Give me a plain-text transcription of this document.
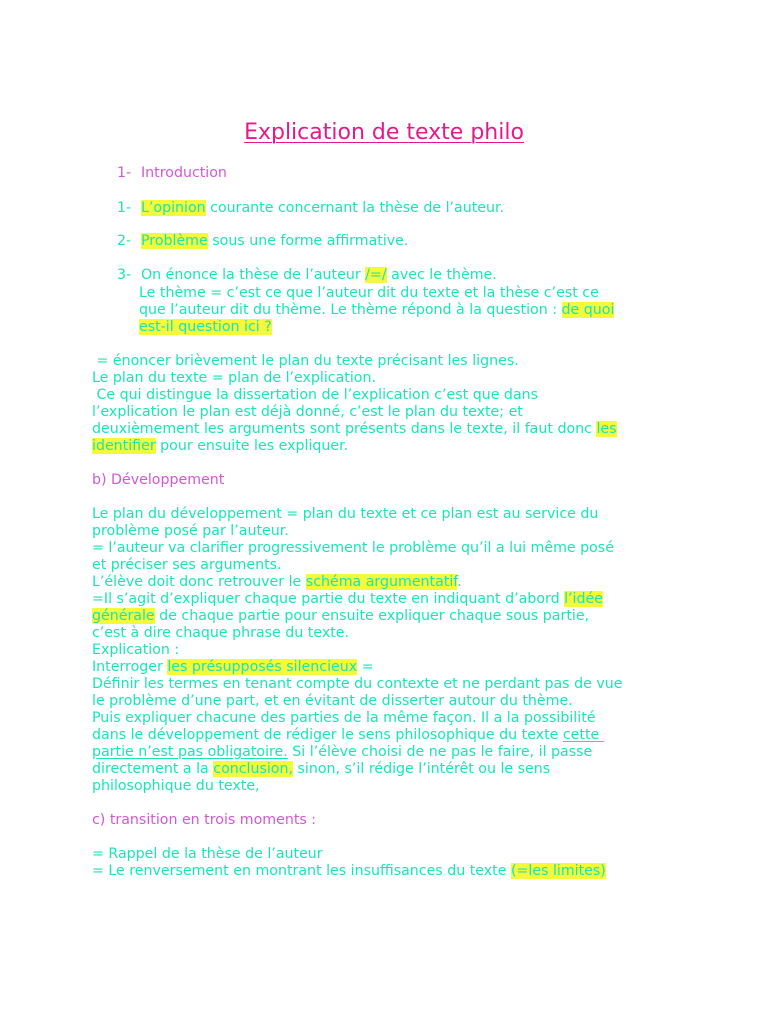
Explication de texte philo
1- Introduction
1- L’opinion courante concernant la thèse de l’auteur.
2- Problème sous une forme affirmative.
3- On énonce la thèse de l’auteur /=/ avec le thème.
Le thème = c’est ce que l’auteur dit du texte et la thèse c’est ce
que l’auteur dit du thème. Le thème répond à la question : de quoi
est-il question ici ?
= énoncer brièvement le plan du texte précisant les lignes.
Le plan du texte = plan de l’explication.
Ce qui distingue la dissertation de l’explication c’est que dans
l’explication le plan est déjà donné, c’est le plan du texte; et
deuxièmement les arguments sont présents dans le texte, il faut donc les
identifier pour ensuite les expliquer.
b) Développement
Le plan du développement = plan du texte et ce plan est au service du
problème posé par l’auteur.
= l’auteur va clarifier progressivement le problème qu’il a lui même posé
et préciser ses arguments.
L’élève doit donc retrouver le schéma argumentatif.
=Il s’agit d’expliquer chaque partie du texte en indiquant d’abord l’idée
générale de chaque partie pour ensuite expliquer chaque sous partie,
c’est à dire chaque phrase du texte.
Explication :
Interroger les présupposés silencieux =
Définir les termes en tenant compte du contexte et ne perdant pas de vue
le problème d’une part, et en évitant de disserter autour du thème.
Puis expliquer chacune des parties de la même façon. Il a la possibilité
dans le développement de rédiger le sens philosophique du texte cette
partie n’est pas obligatoire. Si l’élève choisi de ne pas le faire, il passe
directement a la conclusion, sinon, s’il rédige l’intérêt ou le sens
philosophique du texte,
c) transition en trois moments :
= Rappel de la thèse de l’auteur
= Le renversement en montrant les insuffisances du texte (=les limites)
